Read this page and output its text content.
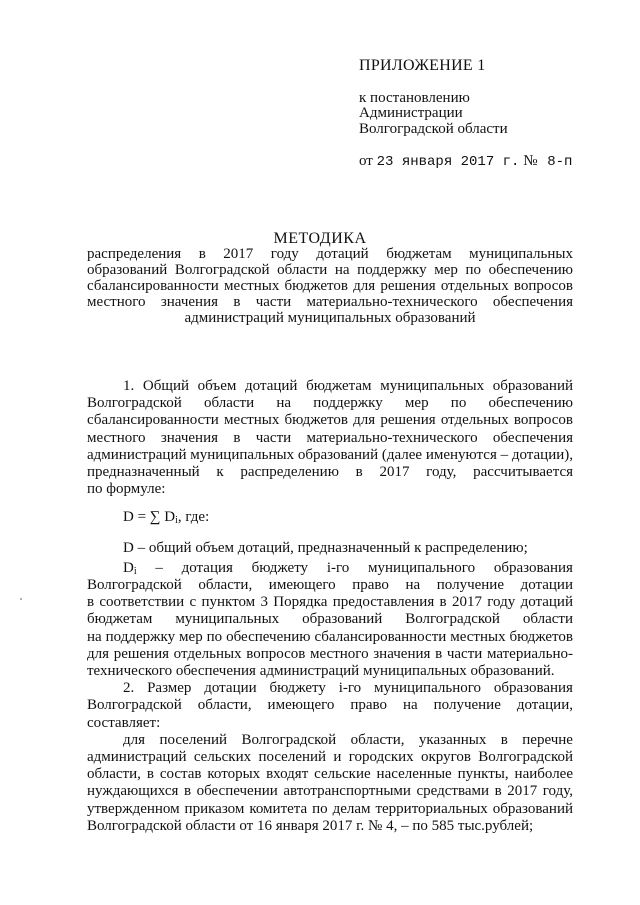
ПРИЛОЖЕНИЕ 1
к постановлению
Администрации
Волгоградской области
от 23 января 2017 г. № 8-п
МЕТОДИКА
распределения в 2017 году дотаций бюджетам муниципальных
образований Волгоградской области на поддержку мер по обеспечению
сбалансированности местных бюджетов для решения отдельных вопросов
местного значения в части материально-технического обеспечения
администраций муниципальных образований
1. Общий объем дотаций бюджетам муниципальных образований
Волгоградской области на поддержку мер по обеспечению
сбалансированности местных бюджетов для решения отдельных вопросов
местного значения в части материально-технического обеспечения
администраций муниципальных образований (далее именуются – дотации),
предназначенный к распределению в 2017 году, рассчитывается
по формуле:
D = ∑ $D_i$, где:
D – общий объем дотаций, предназначенный к распределению;
$D_i$ – дотация бюджету i-го муниципального образования
Волгоградской области, имеющего право на получение дотации
в соответствии с пунктом 3 Порядка предоставления в 2017 году дотаций
бюджетам муниципальных образований Волгоградской области
на поддержку мер по обеспечению сбалансированности местных бюджетов
для решения отдельных вопросов местного значения в части материально-
технического обеспечения администраций муниципальных образований.
2. Размер дотации бюджету i-го муниципального образования
Волгоградской области, имеющего право на получение дотации,
составляет:
для поселений Волгоградской области, указанных в перечне
администраций сельских поселений и городских округов Волгоградской
области, в состав которых входят сельские населенные пункты, наиболее
нуждающихся в обеспечении автотранспортными средствами в 2017 году,
утвержденном приказом комитета по делам территориальных образований
Волгоградской области от 16 января 2017 г. № 4, – по 585 тыс.рублей;
